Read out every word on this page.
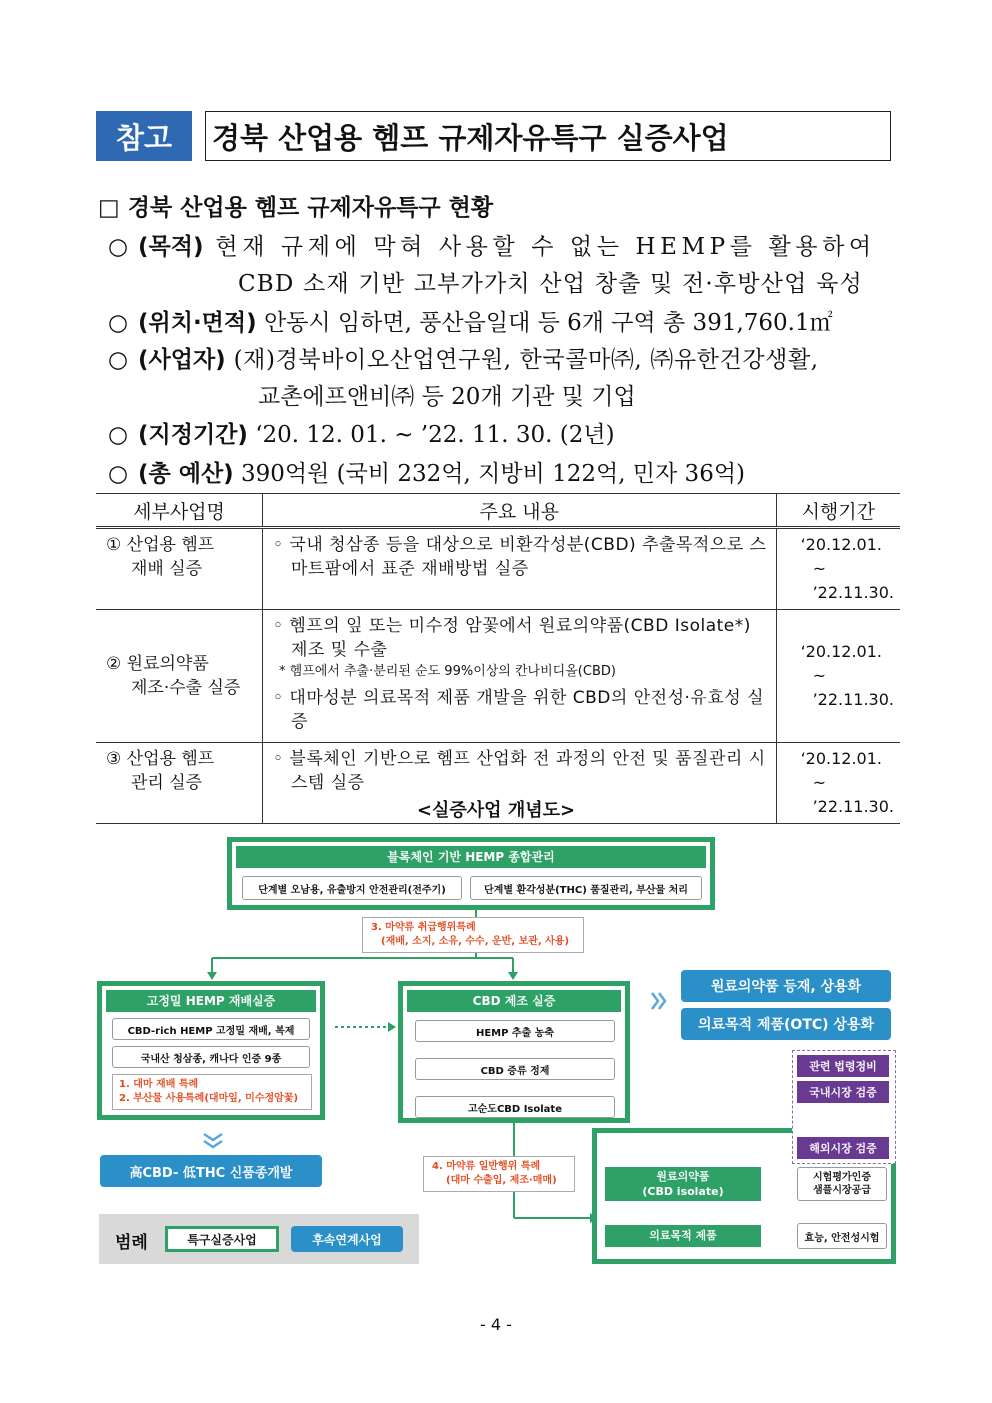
참고	경북 산업용 헴프 규제자유특구 실증사업
□ 경북 산업용 헴프 규제자유특구 현황
○ (목적) 현재 규제에 막혀 사용할 수 없는 HEMP를 활용하여
CBD 소재 기반 고부가가치 산업 창출 및 전·후방산업 육성
○ (위치·면적) 안동시 임하면, 풍산읍일대 등 6개 구역 총 391,760.1㎡
○ (사업자) (재)경북바이오산업연구원, 한국콜마㈜, ㈜유한건강생활,
교촌에프앤비㈜ 등 20개 기관 및 기업
○ (지정기간) ‘20. 12. 01. ~ ’22. 11. 30. (2년)
○ (총 예산) 390억원 (국비 232억, 지방비 122억, 민자 36억)
세부사업명	주요 내용	시행기간

① 산업용 헴프
재배 실증	◦ 국내 청삼종 등을 대상으로 비환각성분(CBD) 추출목적으로 스마트팜에서 표준 재배방법 실증	‘20.12.01.
~ ’22.11.30.

② 원료의약품
제조·수출 실증	◦ 헴프의 잎 또는 미수정 암꽃에서 원료의약품(CBD Isolate*) 제조 및 수출
* 헴프에서 추출·분리된 순도 99%이상의 칸나비디올(CBD)
◦ 대마성분 의료목적 제품 개발을 위한 CBD의 안전성·유효성 실증	‘20.12.01.
~ ’22.11.30.

③ 산업용 헴프
관리 실증	◦ 블록체인 기반으로 헴프 산업화 전 과정의 안전 및 품질관리 시스템 실증	‘20.12.01.
~ ’22.11.30.
<실증사업 개념도>
블록체인 기반 HEMP 종합관리
단계별 오남용, 유출방지 안전관리(전주기)	단계별 환각성분(THC) 품질관리, 부산물 처리
3. 마약류 취급행위특례
(재배, 소지, 소유, 수수, 운반, 보관, 사용)
고정밀 HEMP 재배실증
CBD-rich HEMP 고정밀 재배, 복제
국내산 청삼종, 캐나다 인증 9종
1. 대마 재배 특례
2. 부산물 사용특례(대마잎, 미수정암꽃)
高CBD- 低THC 신품종개발
CBD 제조 실증
HEMP 추출 농축
CBD 증류 정제
고순도CBD Isolate
원료의약품 등재, 상용화
의료목적 제품(OTC) 상용화
4. 마약류 일반행위 특례
(대마 수출입, 제조·매매)	원료의약품
(CBD isolate)
시험평가인증
샘플시장공급
의료목적 제품	효능, 안전성시험
관련 법령정비
국내시장 검증
해외시장 검증
범례	특구실증사업	후속연계사업
- 4 -
